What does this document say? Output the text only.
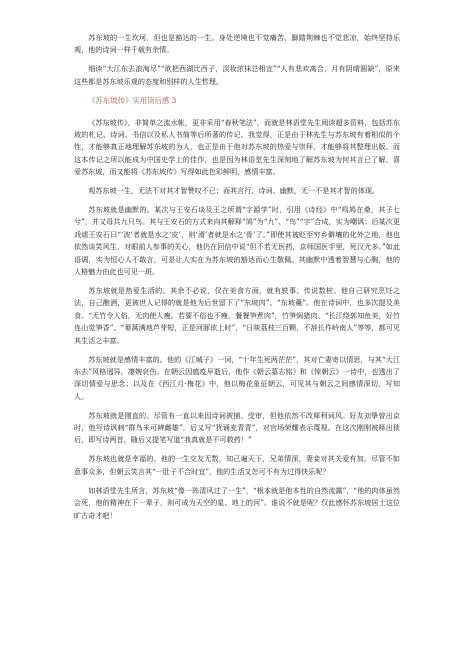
苏东坡的一生坎坷，但也是豁达的一生。身处逆境也不觉痛苦，脚踏荆棘也不觉悲凉，始终坚持乐观，他的诗词一样千载有余情。

细读“大江东去浪淘尽”“欲把西湖比西子，淡妆浓抹总相宜”“人有悲欢离合，月有阴晴圆缺”，原来这些都是苏东坡乐观的态度和别样的人生哲理。

《苏东坡传》实用读后感 3

《苏东坡传》，非简单之流水帐，更非采用“春秋笔法”，而就是林语堂先生阅读超多资料，包括苏东坡的札记、诗词、书信以及私人书简等后所著的传记。我觉得，正是由于林先生与苏东坡有着相似的个性，才能够真正地理解苏东坡的为人，也正是由于他对苏东坡的热爱与崇拜，才能够将其整理出版。而这本传记之所以能成为中国史学上的佳作，也是因为林语堂先生深刻地了解苏东坡为何其言已了解、喜爱苏东坡，而又能将《苏东坡传》写得如此色彩鲜明、感情丰富。

观苏东坡一生，无法不对其才智赞叹不已；而其言行、诗词、幽默，无一不是其才智的体现。

苏东坡就是幽默的。某次与王安石谈及王之所谓“字源学”时，引用《诗经》中“鸣鸠在桑，其子七兮”，并又母共九只鸟。其与王安石的方式来向其解释“鸠”为“九”、“鸟”“字”合成，实为嘲讽；后某次更戏谑王安石曰“‘波’者就是水之‘皮’，则‘滑’者就是水之‘骨’了。”即使其被贬至穷乡僻壤的化外之地，他也依然谈笑风生，对眼前人参事的关心，他仍在回信中说“但不若无医药，京师国医手里，死汉尤多。”如此语调，实为恒心人不敢言，可是让人实在为苏东坡的豁达而心生敬佩。其幽默中透着智慧与心胸，他的人格魅力由此也可见一斑。

苏东坡就是热爱生活的。其余不必说，仅在美食方面，就有轶事、传说数桩。他自己研究烹饪之法，自己酿酒，更被世人记得的就是他为后世留下了“东坡肉”、“东坡羹”。他在诗词中，也多次提及美食。“无竹令人俗，无肉使人瘦。若要不俗也不瘦，餐餐笋煮肉”，竹笋焖猪肉、“长江绕郭知鱼美，好竹连山觉笋香”、“蒌蒿满地芦芽短，正是河豚欲上时”，“日啖荔枝三百颗，不辞长作岭南人”等等，都可见其生活之丰富。

苏东坡就是感情丰富的。他的《江城子》一词，“十年生死两茫茫”，其对亡妻寄以情思，与其“大江东去”风格迥异，凄婉哀伤。在朝云因瘟疫早逝后，他作《朝云墓志铭》和《悼朝云》一诗中，也透出了深切情爱与思念；以及在《西江月·梅花》中，他以梅花象征朝云，可见其与朝云之间感情深切，写知人。

苏东坡就是刚直的。尽管有一直以来因诗词被捕、受审，但他依然不改犀利词风。好友刘挚曾出京时，他写诗讽刺“群鸟未可辨雌雄”，后又写“犹诵麦青青”，对官场荣耀表示蔑视。在这次刚刚被释出狱后，即写诗两首，随后又提笔写道“我真就是不可救药！”

苏东坡也就是幸福的。他的一生交友无数，知己遍天下，兄弟情深，妻妾对其关爱有加。尽管不如意事众多，但朝云笑言其“一肚子不合时宜”，他的生活又怎可不有为过得快乐呢？

如林语堂先生所言，苏东坡“像一阵清风过了一生”，“根本就是他本性的自然流露”，“他的肉体虽然会死，他的精神在下一辈子，则可成为天空的星、地上的河”。谁说不就是呢？仅此感怀苏东坡居士这位旷古奇才吧！
